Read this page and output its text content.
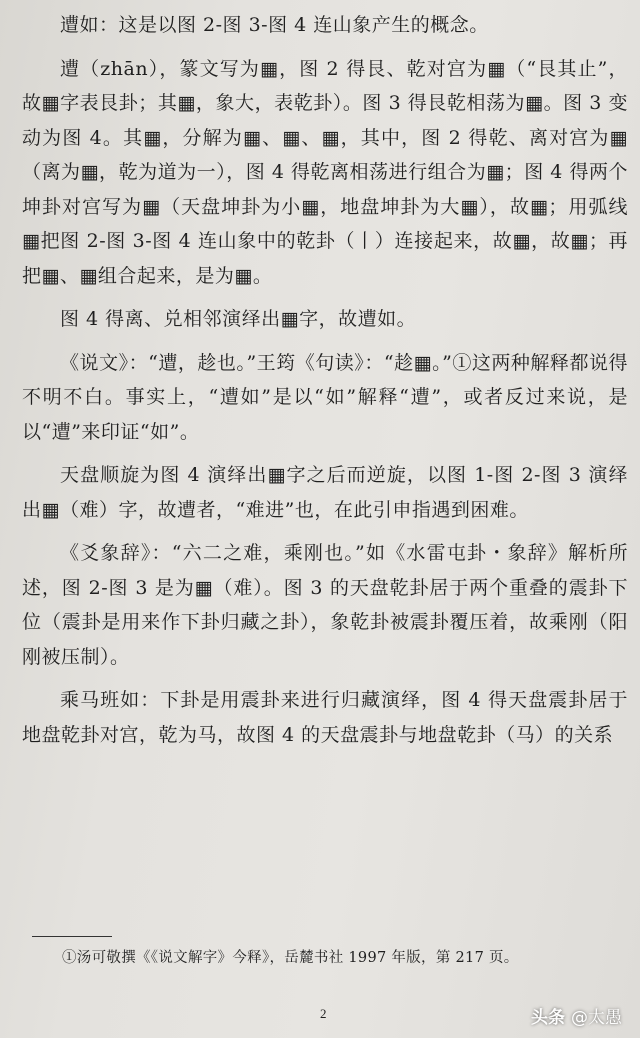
遭如：这是以图 2-图 3-图 4 连山象产生的概念。

遭（zhān），篆文写为▦，图 2 得艮、乾对宫为▦（“艮其止”，故▦字表艮卦；其▦，象大，表乾卦）。图 3 得艮乾相荡为▦。图 3 变动为图 4。其▦，分解为▦、▦、▦，其中，图 2 得乾、离对宫为▦（离为▦，乾为道为一），图 4 得乾离相荡进行组合为▦；图 4 得两个坤卦对宫写为▦（天盘坤卦为小▦，地盘坤卦为大▦），故▦；用弧线▦把图 2-图 3-图 4 连山象中的乾卦（丨）连接起来，故▦，故▦；再把▦、▦组合起来，是为▦。

图 4 得离、兑相邻演绎出▦字，故遭如。

《说文》：“遭，趁也。”王筠《句读》：“趁▦。”①这两种解释都说得不明不白。事实上，“遭如”是以“如”解释“遭”，或者反过来说，是以“遭”来印证“如”。

天盘顺旋为图 4 演绎出▦字之后而逆旋，以图 1-图 2-图 3 演绎出▦（难）字，故遭者，“难进”也，在此引申指遇到困难。

《爻象辞》：“六二之难，乘刚也。”如《水雷屯卦・象辞》解析所述，图 2-图 3 是为▦（难）。图 3 的天盘乾卦居于两个重叠的震卦下位（震卦是用来作下卦归藏之卦），象乾卦被震卦覆压着，故乘刚（阳刚被压制）。

乘马班如：下卦是用震卦来进行归藏演绎，图 4 得天盘震卦居于地盘乾卦对宫，乾为马，故图 4 的天盘震卦与地盘乾卦（马）的关系

①汤可敬撰《《说文解字》今释》，岳麓书社 1997 年版，第 217 页。
2	头条 @太愚
